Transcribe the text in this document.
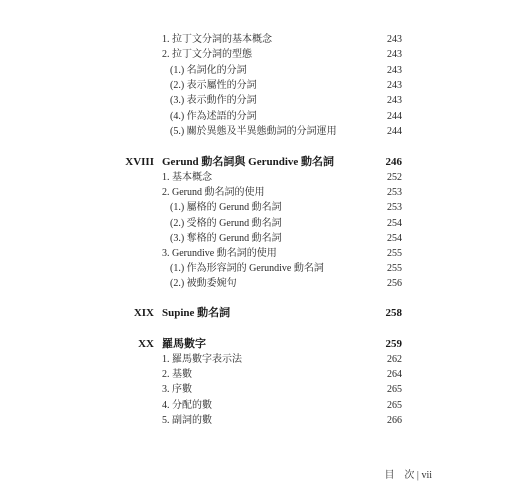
1. 拉丁文分詞的基本概念	243
2. 拉丁文分詞的型態	243
(1.) 名詞化的分詞	243
(2.) 表示屬性的分詞	243
(3.) 表示動作的分詞	243
(4.) 作為述語的分詞	244
(5.) 關於異態及半異態動詞的分詞運用	244
XVIII Gerund 動名詞與 Gerundive 動名詞	246
1. 基本概念	252
2. Gerund 動名詞的使用	253
(1.) 屬格的 Gerund 動名詞	253
(2.) 受格的 Gerund 動名詞	254
(3.) 奪格的 Gerund 動名詞	254
3. Gerundive 動名詞的使用	255
(1.) 作為形容詞的 Gerundive 動名詞	255
(2.) 被動委婉句	256
XIX Supine 動名詞	258
XX 羅馬數字	259
1. 羅馬數字表示法	262
2. 基數	264
3. 序數	265
4. 分配的數	265
5. 副詞的數	266
目　次 | vii
